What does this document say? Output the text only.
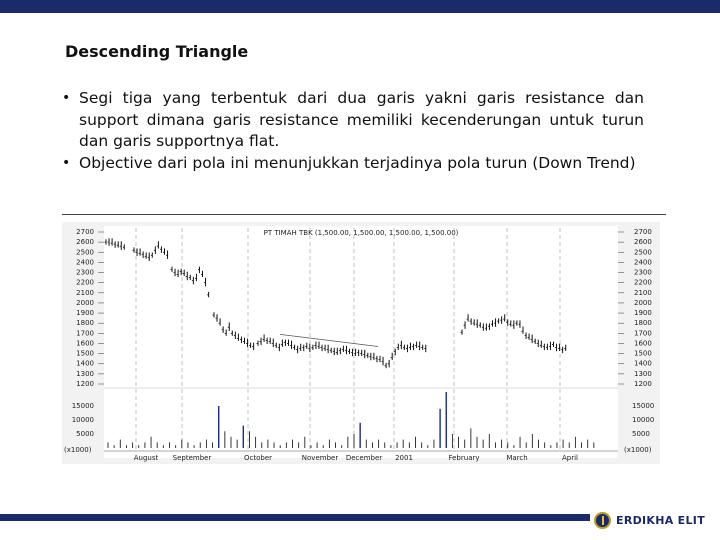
Descending Triangle
• Segi tiga yang terbentuk dari dua garis yakni garis resistance dan support dimana garis resistance memiliki kecenderungan untuk turun dan garis supportnya flat.
• Objective dari pola ini menunjukkan terjadinya pola turun (Down Trend)
PT TIMAH TBK (1,500.00, 1,500.00, 1,500.00, 1,500.00)
2700
2600
2500
2400
2300
2200
2100
2000
1900
1800
1700
1600
1500
1400
1300
1200
15000
10000
5000
(x1000)
2700
2600
2500
2400
2300
2200
2100
2000
1900
1800
1700
1600
1500
1400
1300
1200
15000
10000
5000
(x1000)
August September	October	November December 2001	February	March	April
ERDIKHA ELIT
